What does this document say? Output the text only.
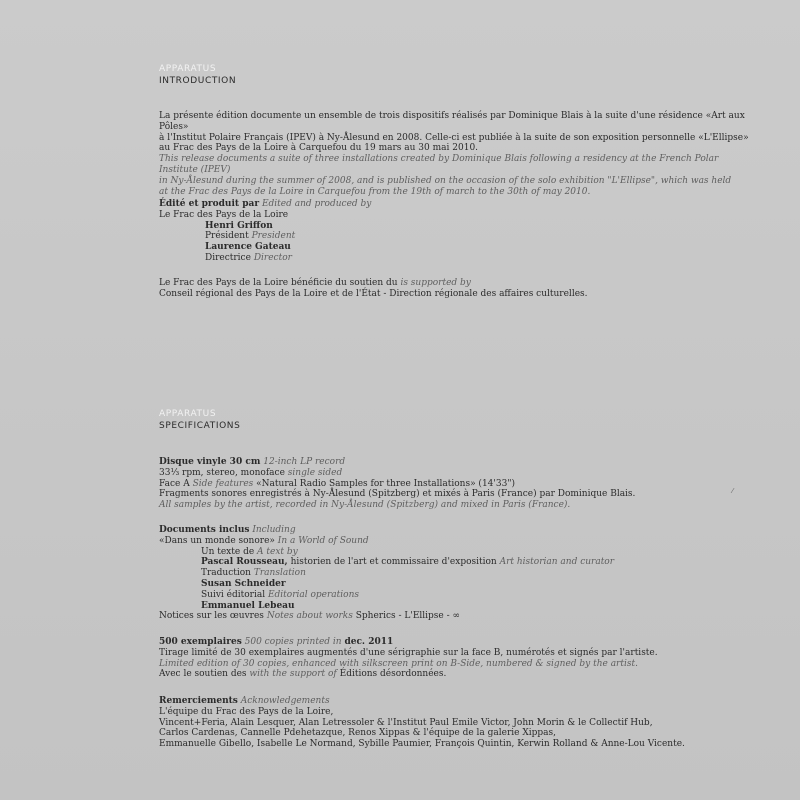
APPARATUS
INTRODUCTION

La présente édition documente un ensemble de trois dispositifs réalisés par Dominique Blais à la suite d'une résidence «Art aux Pôles»

à l'Institut Polaire Français (IPEV) à Ny-Ålesund en 2008. Celle-ci est publiée à la suite de son exposition personnelle «L'Ellipse»

au Frac des Pays de la Loire à Carquefou du 19 mars au 30 mai 2010.

This release documents a suite of three installations created by Dominique Blais following a residency at the French Polar Institute (IPEV)

in Ny-Ålesund during the summer of 2008, and is published on the occasion of the solo exhibition "L'Ellipse", which was held

at the Frac des Pays de la Loire in Carquefou from the 19th of march to the 30th of may 2010.

Édité et produit par Edited and produced by

Le Frac des Pays de la Loire

Henri Griffon

Président President

Laurence Gateau

Directrice Director

Le Frac des Pays de la Loire bénéficie du soutien du is supported by

Conseil régional des Pays de la Loire et de l'État - Direction régionale des affaires culturelles.

APPARATUS
SPECIFICATIONS

Disque vinyle 30 cm 12-inch LP record

33⅓ rpm, stereo, monoface single sided

Face A Side features «Natural Radio Samples for three Installations» (14'33")

Fragments sonores enregistrés à Ny-Ålesund (Spitzberg) et mixés à Paris (France) par Dominique Blais.

All samples by the artist, recorded in Ny-Ålesund (Spitzberg) and mixed in Paris (France).

Documents inclus Including

«Dans un monde sonore» In a World of Sound

Un texte de A text by

Pascal Rousseau, historien de l'art et commissaire d'exposition Art historian and curator

Traduction Translation

Susan Schneider

Suivi éditorial Editorial operations

Emmanuel Lebeau

Notices sur les œuvres Notes about works Spherics - L'Ellipse - ∞

500 exemplaires 500 copies printed in dec. 2011

Tirage limité de 30 exemplaires augmentés d'une sérigraphie sur la face B, numérotés et signés par l'artiste.

Limited edition of 30 copies, enhanced with silkscreen print on B-Side, numbered & signed by the artist.

Avec le soutien des with the support of Éditions désordonnées.

Remerciements Acknowledgements

L'équipe du Frac des Pays de la Loire,

Vincent+Feria, Alain Lesquer, Alan Letressoler & l'Institut Paul Emile Victor, John Morin & le Collectif Hub,

Carlos Cardenas, Cannelle Pdehetazque, Renos Xippas & l'équipe de la galerie Xippas,

Emmanuelle Gibello, Isabelle Le Normand, Sybille Paumier, François Quintin, Kerwin Rolland & Anne-Lou Vicente.

⁄
